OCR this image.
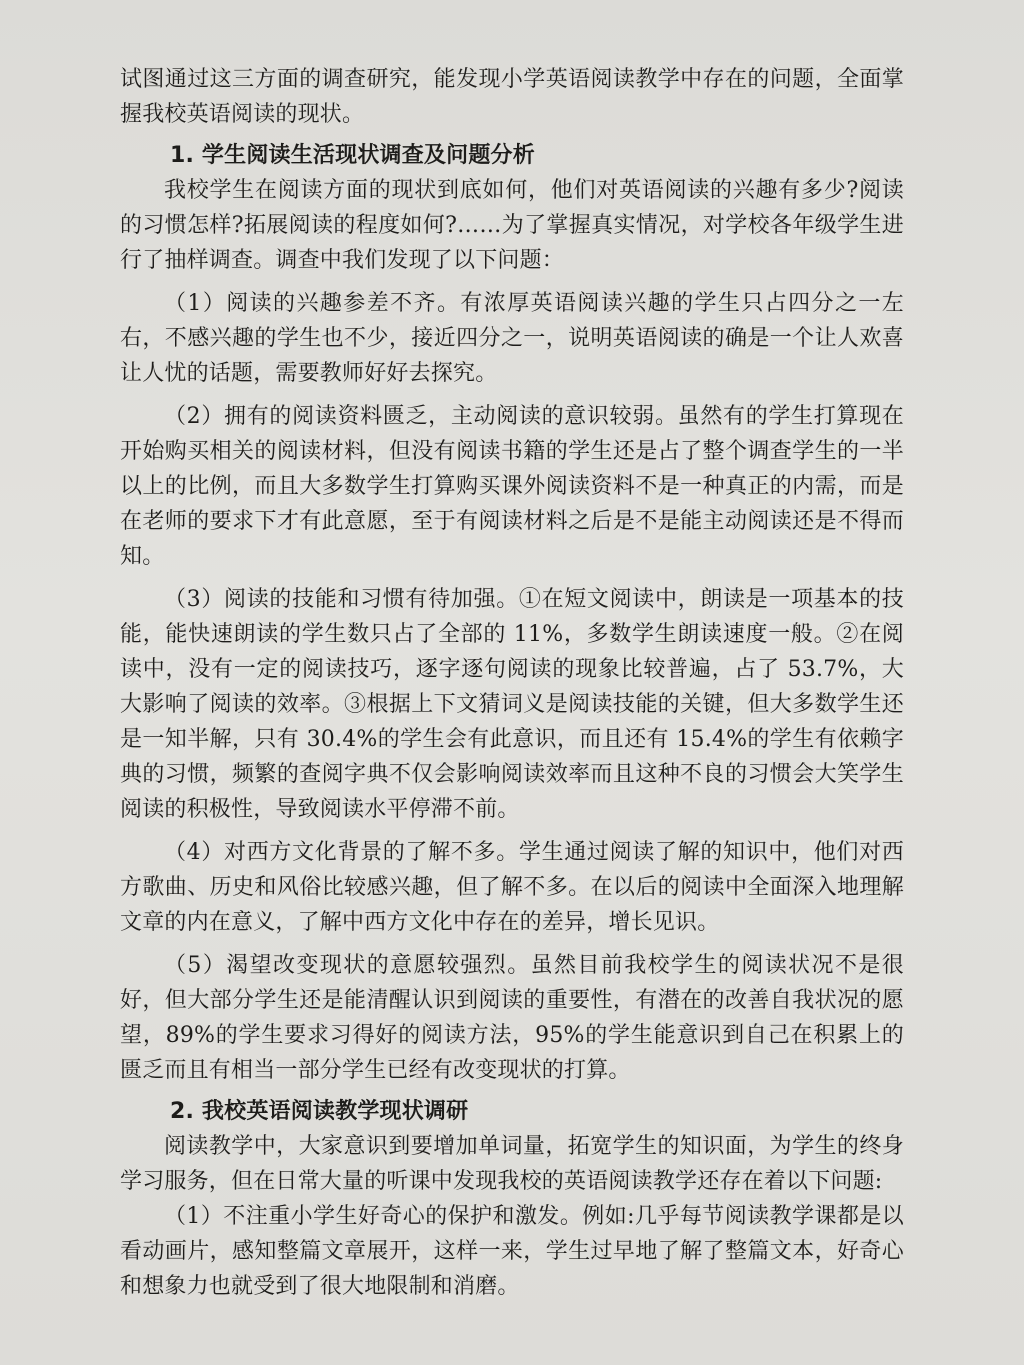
试图通过这三方面的调查研究，能发现小学英语阅读教学中存在的问题，全面掌握我校英语阅读的现状。

1. 学生阅读生活现状调查及问题分析

我校学生在阅读方面的现状到底如何，他们对英语阅读的兴趣有多少?阅读的习惯怎样?拓展阅读的程度如何?……为了掌握真实情况，对学校各年级学生进行了抽样调查。调查中我们发现了以下问题：

（1）阅读的兴趣参差不齐。有浓厚英语阅读兴趣的学生只占四分之一左右，不感兴趣的学生也不少，接近四分之一，说明英语阅读的确是一个让人欢喜让人忧的话题，需要教师好好去探究。

（2）拥有的阅读资料匮乏，主动阅读的意识较弱。虽然有的学生打算现在开始购买相关的阅读材料，但没有阅读书籍的学生还是占了整个调查学生的一半以上的比例，而且大多数学生打算购买课外阅读资料不是一种真正的内需，而是在老师的要求下才有此意愿，至于有阅读材料之后是不是能主动阅读还是不得而知。

（3）阅读的技能和习惯有待加强。①在短文阅读中，朗读是一项基本的技能，能快速朗读的学生数只占了全部的 11%，多数学生朗读速度一般。②在阅读中，没有一定的阅读技巧，逐字逐句阅读的现象比较普遍，占了 53.7%，大大影响了阅读的效率。③根据上下文猜词义是阅读技能的关键，但大多数学生还是一知半解，只有 30.4%的学生会有此意识，而且还有 15.4%的学生有依赖字典的习惯，频繁的查阅字典不仅会影响阅读效率而且这种不良的习惯会大笑学生阅读的积极性，导致阅读水平停滞不前。

（4）对西方文化背景的了解不多。学生通过阅读了解的知识中，他们对西方歌曲、历史和风俗比较感兴趣，但了解不多。在以后的阅读中全面深入地理解文章的内在意义，了解中西方文化中存在的差异，增长见识。

（5）渴望改变现状的意愿较强烈。虽然目前我校学生的阅读状况不是很好，但大部分学生还是能清醒认识到阅读的重要性，有潜在的改善自我状况的愿望，89%的学生要求习得好的阅读方法，95%的学生能意识到自己在积累上的匮乏而且有相当一部分学生已经有改变现状的打算。

2. 我校英语阅读教学现状调研

阅读教学中，大家意识到要增加单词量，拓宽学生的知识面，为学生的终身学习服务，但在日常大量的听课中发现我校的英语阅读教学还存在着以下问题:

（1）不注重小学生好奇心的保护和激发。例如:几乎每节阅读教学课都是以看动画片，感知整篇文章展开，这样一来，学生过早地了解了整篇文本，好奇心和想象力也就受到了很大地限制和消磨。
